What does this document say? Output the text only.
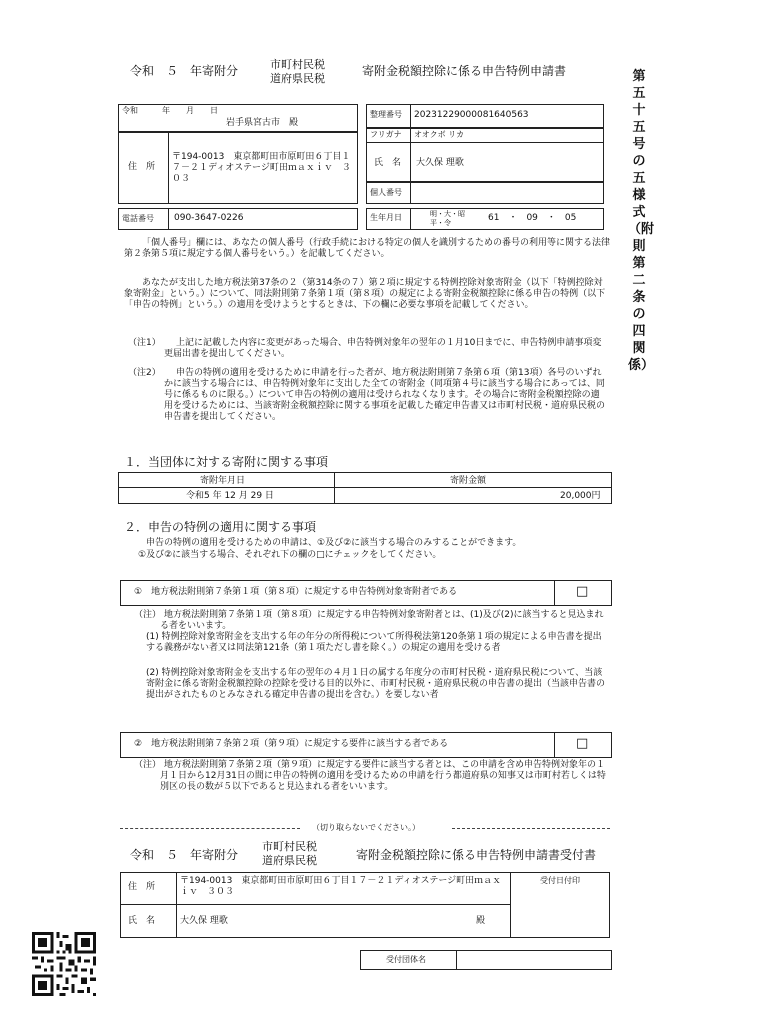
令和　５　年寄附分	市町村民税
道府県民税
寄附金税額控除に係る申告特例申請書	第五十五号の五様式（附則第二条の四関係）
令和　　　年　　月　　日
岩手県宮古市　殿
住　所
〒194-0013　東京都町田市原町田６丁目１７－２１ディオステージ町田ｍａｘｉｖ　３０３
電話番号 090-3647-0226
整理番号 20231229000081640563
フリガナ オオクボ リカ
氏　名 大久保 理歌
個人番号
生年月日	明・大・昭
平・令	61　・　09　・　05
「個人番号」欄には、あなたの個人番号（行政手続における特定の個人を識別するための番号の利用等に関する法律第２条第５項に規定する個人番号をいう。）を記載してください。
あなたが支出した地方税法第37条の２（第314条の７）第２項に規定する特例控除対象寄附金（以下「特例控除対象寄附金」という。）について、同法附則第７条第１項（第８項）の規定による寄附金税額控除に係る申告の特例（以下「申告の特例」という。）の適用を受けようとするときは、下の欄に必要な事項を記載してください。
（注1）	上記に記載した内容に変更があった場合、申告特例対象年の翌年の１月10日までに、申告特例申請事項変更届出書を提出してください。
（注2）	申告の特例の適用を受けるために申請を行った者が、地方税法附則第７条第６項（第13項）各号のいずれかに該当する場合には、申告特例対象年に支出した全ての寄附金（同項第４号に該当する場合にあっては、同号に係るものに限る。）について申告の特例の適用は受けられなくなります。その場合に寄附金税額控除の適用を受けるためには、当該寄附金税額控除に関する事項を記載した確定申告書又は市町村民税・道府県民税の申告書を提出してください。
１．当団体に対する寄附に関する事項
寄附年月日	寄附金額
令和5 年 12 月 29 日	20,000円
２．申告の特例の適用に関する事項
申告の特例の適用を受けるための申請は、①及び②に該当する場合のみすることができます。
①及び②に該当する場合、それぞれ下の欄の□にチェックをしてください。
①　地方税法附則第７条第１項（第８項）に規定する申告特例対象寄附者である	□
（注） 地方税法附則第７条第１項（第８項）に規定する申告特例対象寄附者とは、(1)及び(2)に該当すると見込まれる者をいいます。
(1) 特例控除対象寄附金を支出する年の年分の所得税について所得税法第120条第１項の規定による申告書を提出する義務がない者又は同法第121条（第１項ただし書を除く。）の規定の適用を受ける者
(2) 特例控除対象寄附金を支出する年の翌年の４月１日の属する年度分の市町村民税・道府県民税について、当該寄附金に係る寄附金税額控除の控除を受ける目的以外に、市町村民税・道府県民税の申告書の提出（当該申告書の提出がされたものとみなされる確定申告書の提出を含む。）を要しない者
②　地方税法附則第７条第２項（第９項）に規定する要件に該当する者である	□
（注） 地方税法附則第７条第２項（第９項）に規定する要件に該当する者とは、この申請を含め申告特例対象年の１月１日から12月31日の間に申告の特例の適用を受けるための申請を行う都道府県の知事又は市町村若しくは特別区の長の数が５以下であると見込まれる者をいいます。
（切り取らないでください。）
令和　５　年寄附分
市町村民税
道府県民税	寄附金税額控除に係る申告特例申請書受付書
住　所
〒194-0013　東京都町田市原町田６丁目１７－２１ディオステージ町田ｍａｘｉｖ　３０３
氏　名	大久保 理歌	殿
受付日付印
受付団体名
